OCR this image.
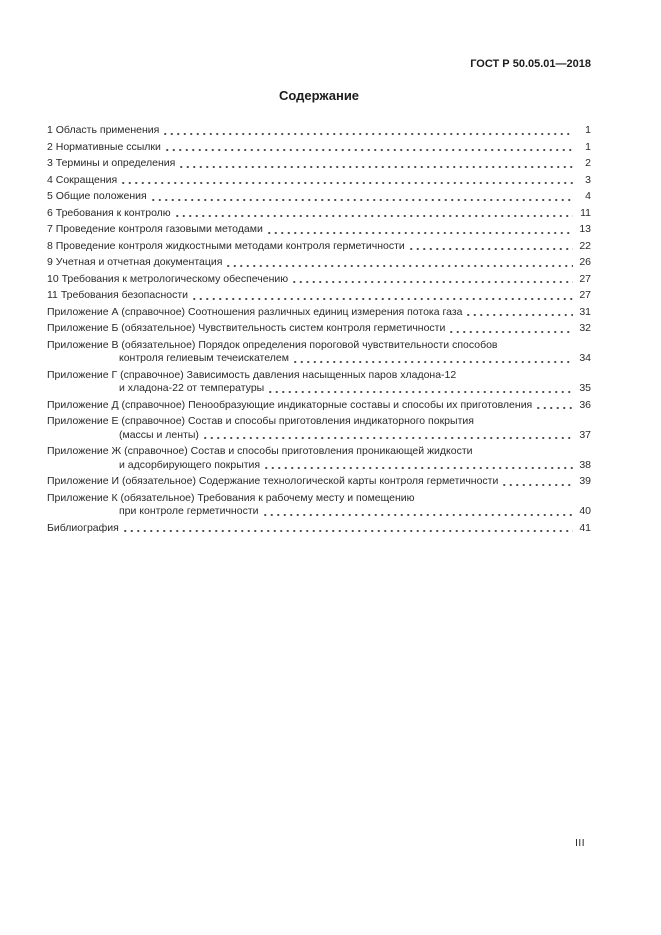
ГОСТ Р 50.05.01—2018
Содержание
1 Область применения	1
2 Нормативные ссылки	1
3 Термины и определения	2
4 Сокращения	3
5 Общие положения	4
6 Требования к контролю	11
7 Проведение контроля газовыми методами	13
8 Проведение контроля жидкостными методами контроля герметичности	22
9 Учетная и отчетная документация	26
10 Требования к метрологическому обеспечению	27
11 Требования безопасности	27
Приложение А (справочное) Соотношения различных единиц измерения потока газа	31
Приложение Б (обязательное) Чувствительность систем контроля герметичности	32
Приложение В (обязательное) Порядок определения пороговой чувствительности способов
контроля гелиевым течеискателем	34
Приложение Г (справочное) Зависимость давления насыщенных паров хладона-12
и хладона-22 от температуры	35
Приложение Д (справочное) Пенообразующие индикаторные составы и способы их приготовления	36
Приложение Е (справочное) Состав и способы приготовления индикаторного покрытия
(массы и ленты)	37
Приложение Ж (справочное) Состав и способы приготовления проникающей жидкости
и адсорбирующего покрытия	38
Приложение И (обязательное) Содержание технологической карты контроля герметичности	39
Приложение К (обязательное) Требования к рабочему месту и помещению
при контроле герметичности	40
Библиография	41
III
